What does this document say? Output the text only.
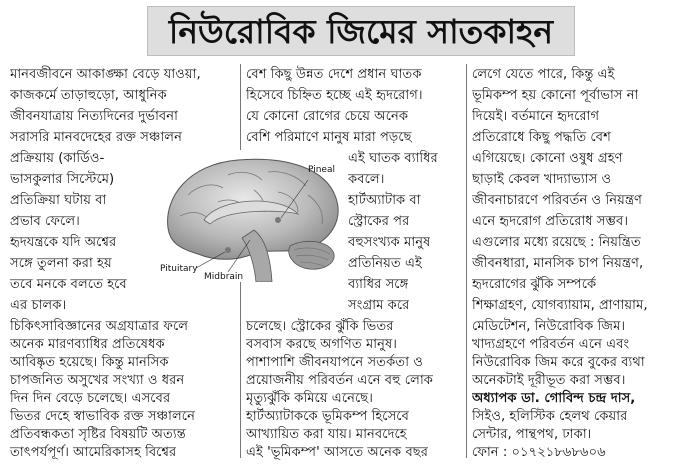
নিউরোবিক জিমের সাতকাহন
মানবজীবনে আকাঙ্ক্ষা বেড়ে যাওয়া,
কাজকর্মে তাড়াহুড়ো, আধুনিক
জীবনযাত্রায় নিত্যদিনের দুর্ভাবনা
সরাসরি মানবদেহের রক্ত সঞ্চালন
প্রক্রিয়ায় (কার্ডিও-
ভাসকুলার সিস্টেমে)
প্রতিক্রিয়া ঘটায় বা
প্রভাব ফেলে।
হৃদযন্ত্রকে যদি অশ্বের
সঙ্গে তুলনা করা হয়
তবে মনকে বলতে হবে
এর চালক।
চিকিৎসাবিজ্ঞানের অগ্রযাত্রার ফলে
অনেক মারণব্যাধির প্রতিষেধক
আবিষ্কৃত হয়েছে। কিন্তু মানসিক
চাপজনিত অসুখের সংখ্যা ও ধরন
দিন দিন বেড়ে চলেছে। এসবের
ভিতর দেহে স্বাভাবিক রক্ত সঞ্চালনে
প্রতিবন্ধকতা সৃষ্টির বিষয়টি অত্যন্ত
তাৎপর্যপূর্ণ। আমেরিকাসহ বিশ্বের
বেশ কিছু উন্নত দেশে প্রধান ঘাতক
হিসেবে চিহ্নিত হচ্ছে এই হৃদরোগ।
যে কোনো রোগের চেয়ে অনেক
বেশি পরিমাণে মানুষ মারা পড়ছে
এই ঘাতক ব্যাধির
কবলে।
হার্টঅ্যাটাক বা
স্ট্রোকের পর
বহুসংখ্যক মানুষ
প্রতিনিয়ত এই
ব্যাধির সঙ্গে
সংগ্রাম করে
চলেছে। স্ট্রোকের ঝুঁকি ভিতর
বসবাস করছে অগণিত মানুষ।
পাশাপাশি জীবনযাপনে সতর্কতা ও
প্রয়োজনীয় পরিবর্তন এনে বহু লোক
মৃত্যুঝুঁকি কমিয়ে এনেছে।
হার্টঅ্যাটাককে ভূমিকম্প হিসেবে
আখ্যায়িত করা যায়। মানবদেহে
এই 'ভূমিকম্প' আসতে অনেক বছর
লেগে যেতে পারে, কিন্তু এই
ভূমিকম্প হয় কোনো পূর্বাভাস না
দিয়েই। বর্তমানে হৃদরোগ
প্রতিরোধে কিছু পদ্ধতি বেশ
এগিয়েছে। কোনো ওষুধ গ্রহণ
ছাড়াই কেবল খাদ্যাভ্যাস ও
জীবনাচারণে পরিবর্তন ও নিয়ন্ত্রণ
এনে হৃদরোগ প্রতিরোধ সম্ভব।
এগুলোর মধ্যে রয়েছে : নিয়ন্ত্রিত
জীবনধারা, মানসিক চাপ নিয়ন্ত্রণ,
হৃদরোগের ঝুঁকি সম্পর্কে
শিক্ষাগ্রহণ, যোগব্যায়াম, প্রাণায়াম,
মেডিটেশন, নিউরোবিক জিম।
খাদ্যগ্রহণে পরিবর্তন এনে এবং
নিউরোবিক জিম করে বুকের ব্যথা
অনেকটাই দূরীভূত করা সম্ভব।
অধ্যাপক ডা. গোবিন্দ চন্দ্র দাস,
সিইও, হলিস্টিক হেলথ কেয়ার
সেন্টার, পান্থপথ, ঢাকা।
ফোন : ০১৭২১৮৬৮৬০৬
Pineal
Pituitary
Midbrain
